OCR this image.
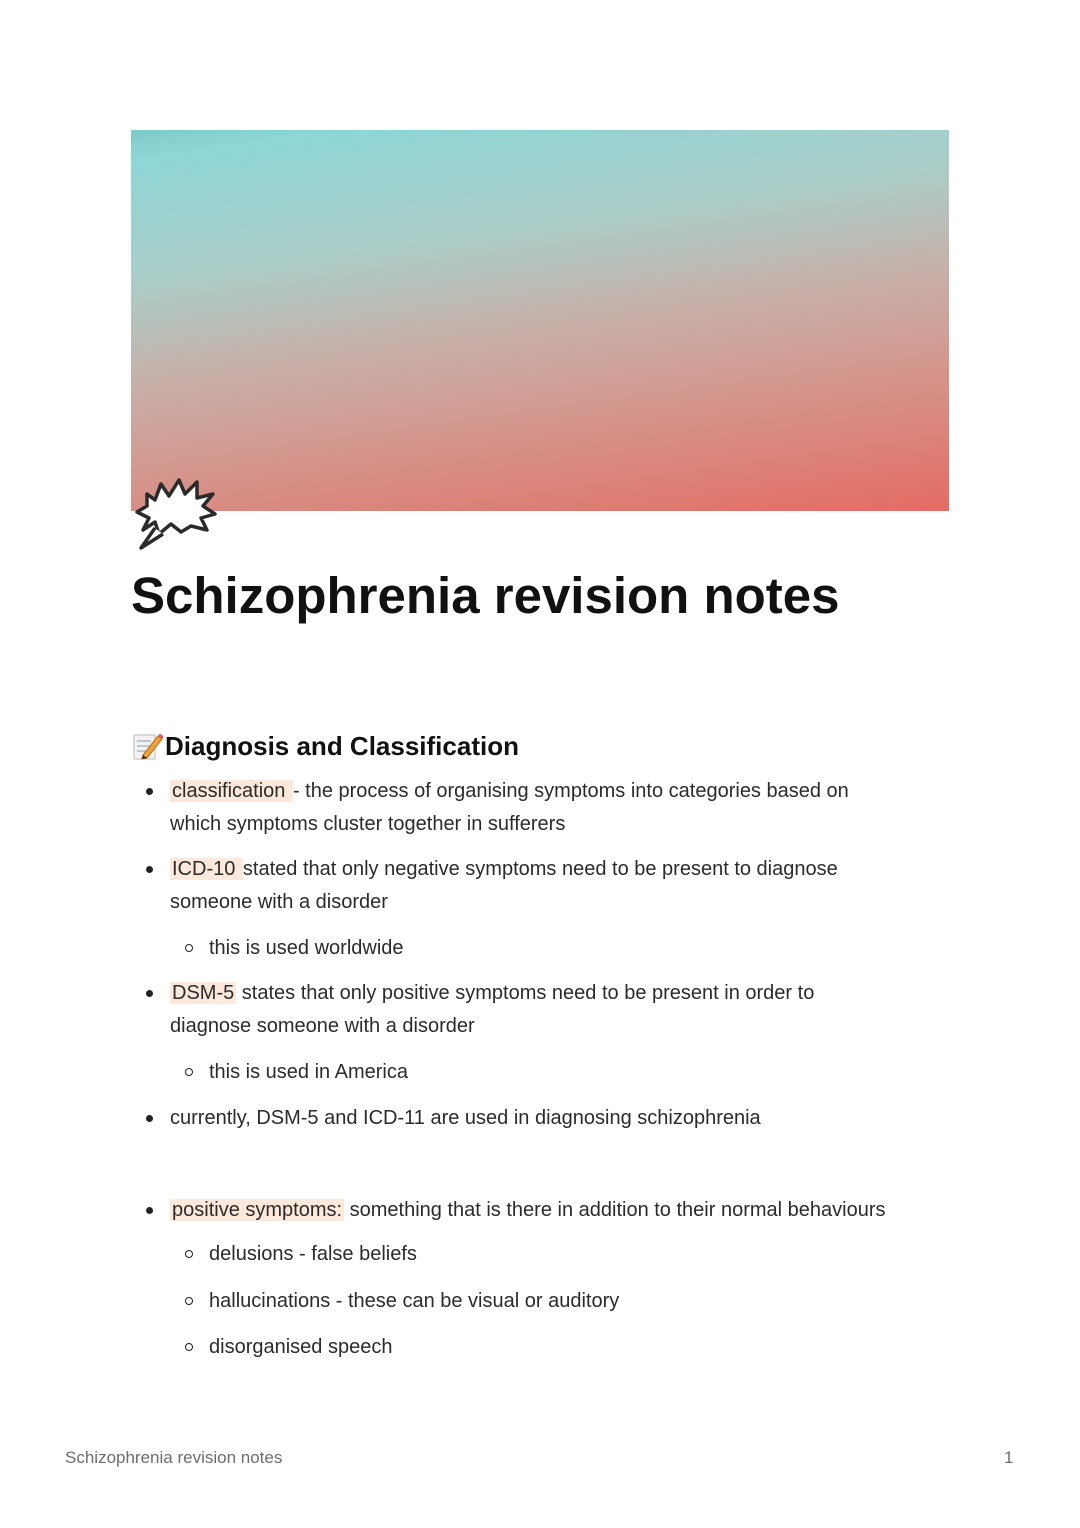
Schizophrenia revision notes
Diagnosis and Classification
classification - the process of organising symptoms into categories based on
which symptoms cluster together in sufferers
ICD-10 stated that only negative symptoms need to be present to diagnose
someone with a disorder
this is used worldwide
DSM-5 states that only positive symptoms need to be present in order to
diagnose someone with a disorder
this is used in America
currently, DSM-5 and ICD-11 are used in diagnosing schizophrenia
positive symptoms: something that is there in addition to their normal behaviours
delusions - false beliefs
hallucinations - these can be visual or auditory
disorganised speech
Schizophrenia revision notes	1
